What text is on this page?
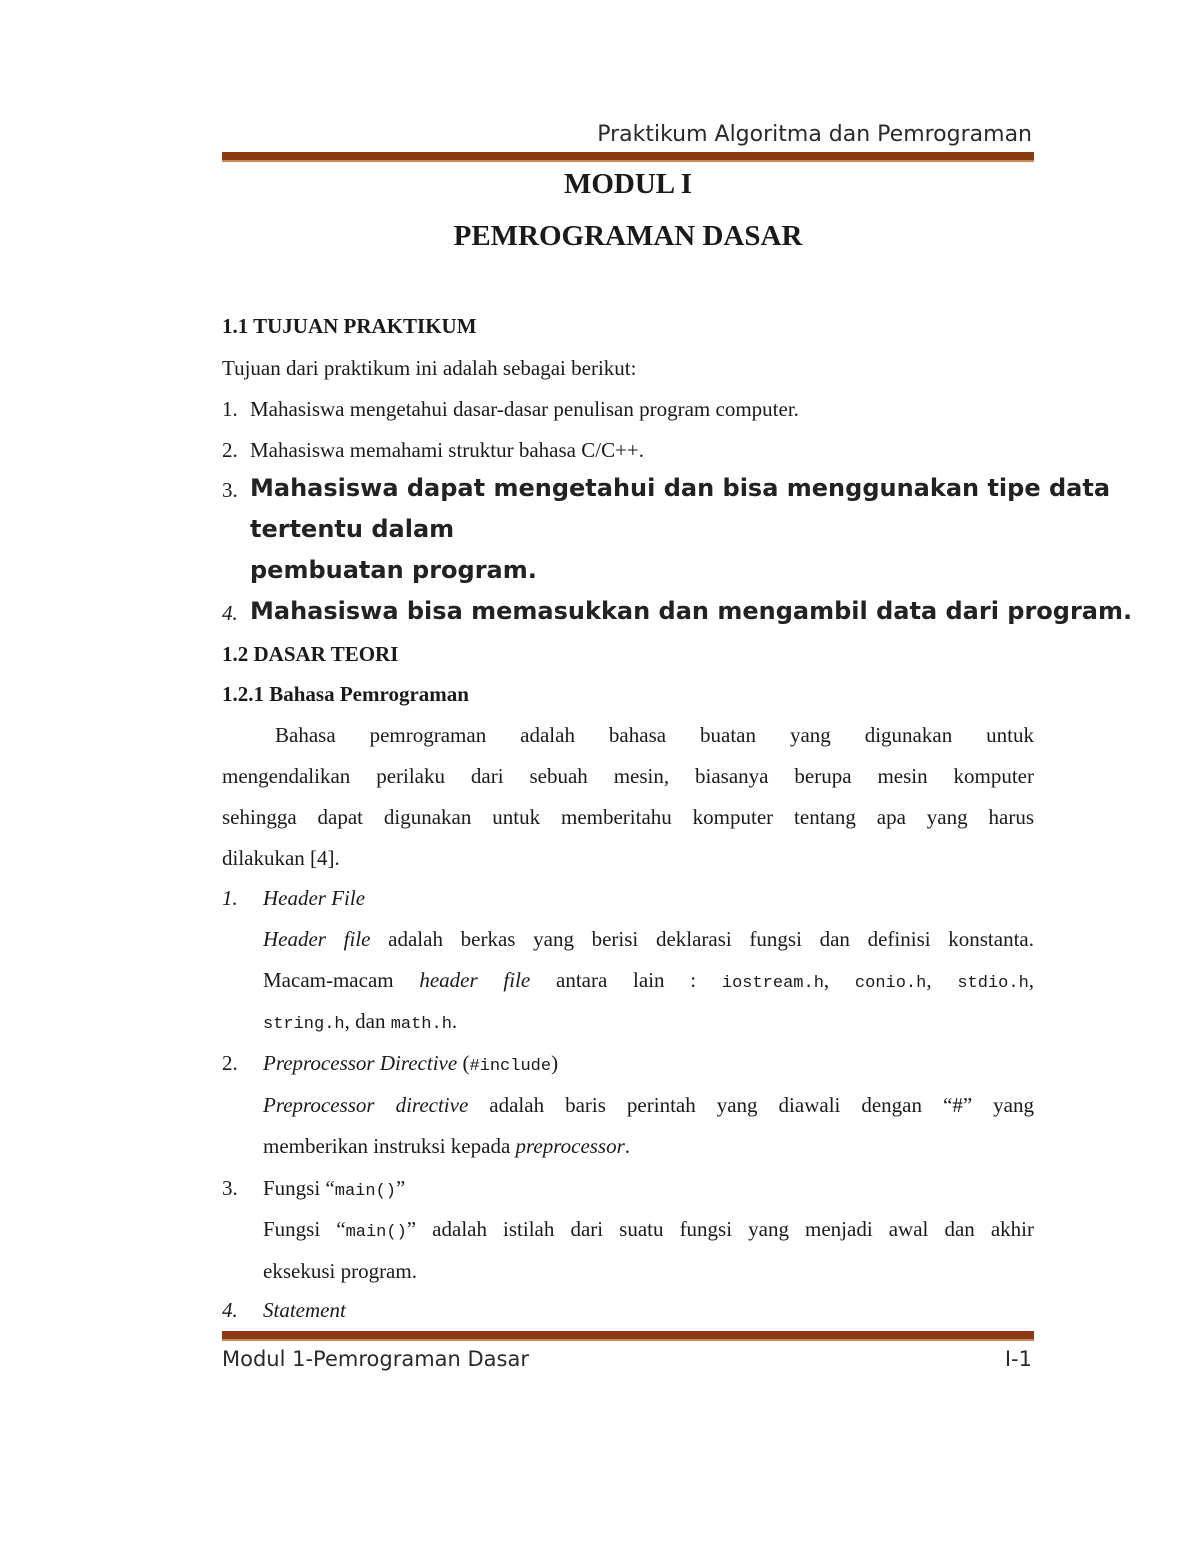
Praktikum Algoritma dan Pemrograman
MODUL I
PEMROGRAMAN DASAR
1.1 TUJUAN PRAKTIKUM
Tujuan dari praktikum ini adalah sebagai berikut:
1. Mahasiswa mengetahui dasar-dasar penulisan program computer.
2. Mahasiswa memahami struktur bahasa C/C++.
3. Mahasiswa dapat mengetahui dan bisa menggunakan tipe data
tertentu dalam
pembuatan program.
4. Mahasiswa bisa memasukkan dan mengambil data dari program.
1.2 DASAR TEORI
1.2.1 Bahasa Pemrograman
Bahasa pemrograman adalah bahasa buatan yang digunakan untuk
mengendalikan perilaku dari sebuah mesin, biasanya berupa mesin komputer
sehingga dapat digunakan untuk memberitahu komputer tentang apa yang harus
dilakukan [4].
1. Header File
Header file adalah berkas yang berisi deklarasi fungsi dan definisi konstanta.
Macam-macam header file antara lain : iostream.h, conio.h, stdio.h,
string.h, dan math.h.
2. Preprocessor Directive (#include)
Preprocessor directive adalah baris perintah yang diawali dengan “#” yang
memberikan instruksi kepada preprocessor.
3. Fungsi “main()”
Fungsi “main()” adalah istilah dari suatu fungsi yang menjadi awal dan akhir
eksekusi program.
4. Statement
Modul 1-Pemrograman Dasar	I-1
